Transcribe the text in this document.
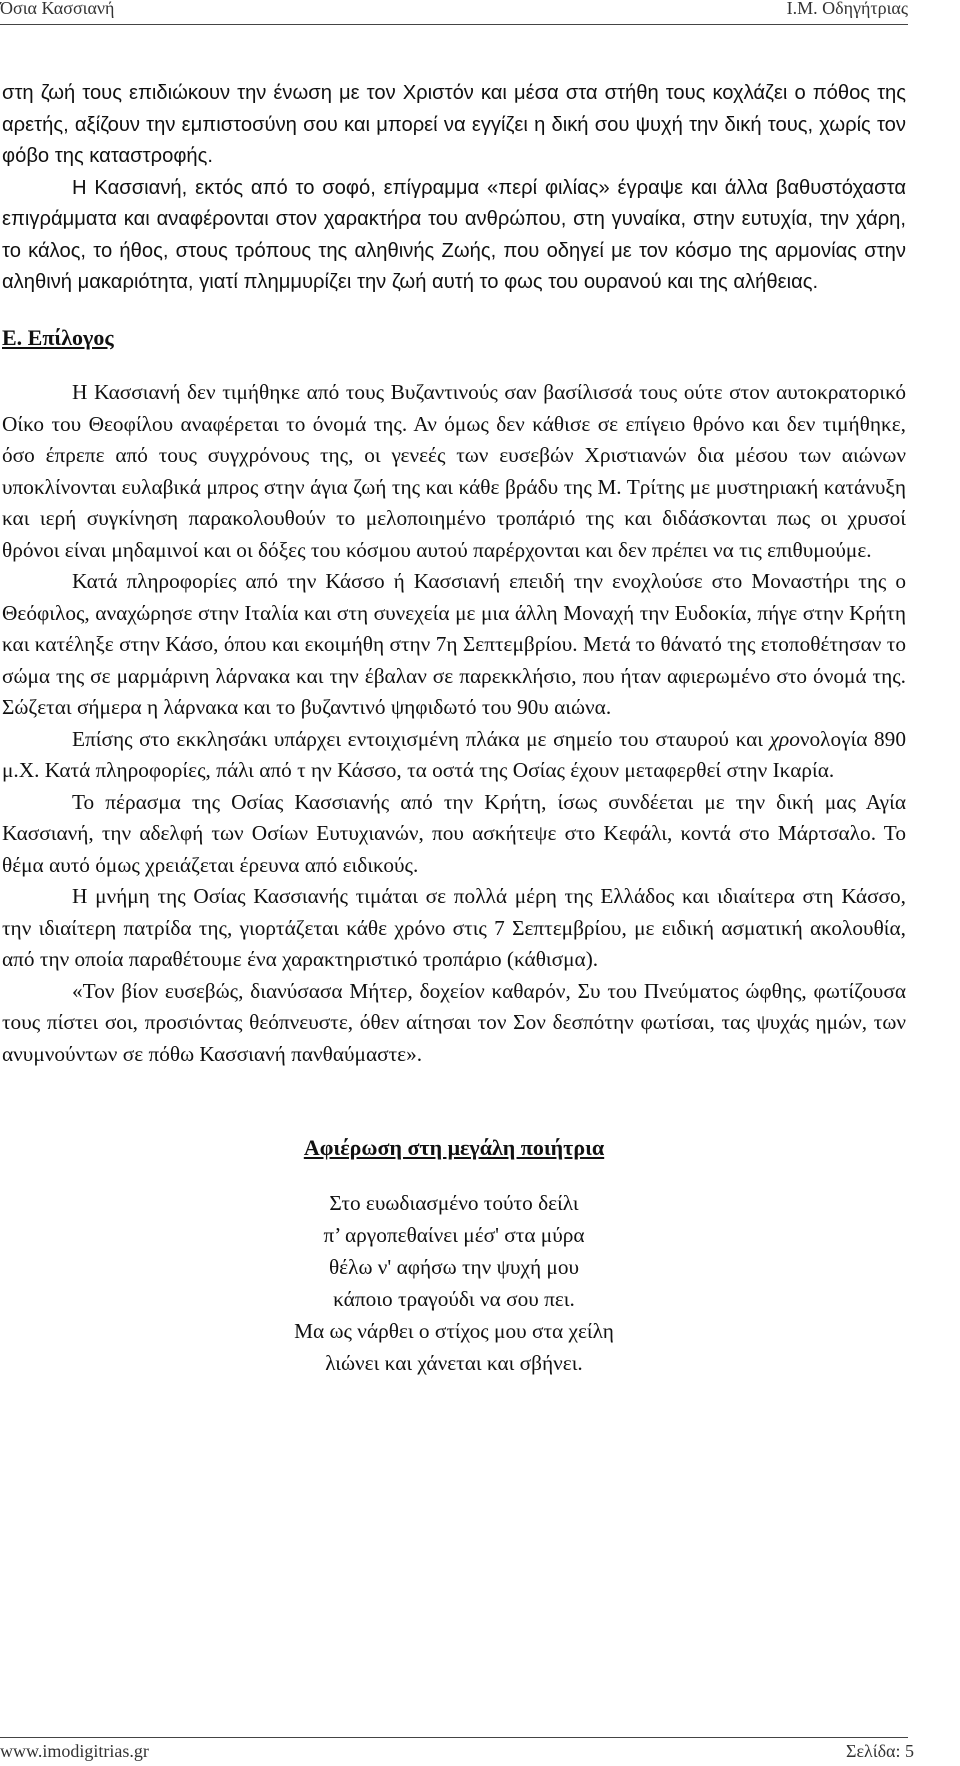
Όσια Κασσιανή	Ι.Μ. Οδηγήτριας

στη ζωή τους επιδιώκουν την ένωση με τον Χριστόν και μέσα στα στήθη τους κοχλάζει ο πόθος της αρετής, αξίζουν την εμπιστοσύνη σου και μπορεί να εγγίζει η δική σου ψυχή την δική τους, χωρίς τον φόβο της καταστροφής.

Η Κασσιανή, εκτός από το σοφό, επίγραμμα «περί φιλίας» έγραψε και άλλα βαθυστόχαστα επιγράμματα και αναφέρονται στον χαρακτήρα του ανθρώπου, στη γυναίκα, στην ευτυχία, την χάρη, το κάλος, το ήθος, στους τρόπους της αληθινής Ζωής, που οδηγεί με τον κόσμο της αρμονίας στην αληθινή μακαριότητα, γιατί πλημμυρίζει την ζωή αυτή το φως του ουρανού και της αλήθειας.

Ε. Επίλογος

Η Κασσιανή δεν τιμήθηκε από τους Βυζαντινούς σαν βασίλισσά τους ούτε στον αυτοκρατορικό Οίκο του Θεοφίλου αναφέρεται το όνομά της. Αν όμως δεν κάθισε σε επίγειο θρόνο και δεν τιμήθηκε, όσο έπρεπε από τους συγχρόνους της, οι γενεές των ευσεβών Χριστιανών δια μέσου των αιώνων υποκλίνονται ευλαβικά μπρος στην άγια ζωή της και κάθε βράδυ της Μ. Τρίτης με μυστηριακή κατάνυξη και ιερή συγκίνηση παρακολουθούν το μελοποιημένο τροπάριό της και διδάσκονται πως οι χρυσοί θρόνοι είναι μηδαμινοί και οι δόξες του κόσμου αυτού παρέρχονται και δεν πρέπει να τις επιθυμούμε.

Κατά πληροφορίες από την Κάσσο ή Κασσιανή επειδή την ενοχλούσε στο Μοναστήρι της ο Θεόφιλος, αναχώρησε στην Ιταλία και στη συνεχεία με μια άλλη Μοναχή την Ευδοκία, πήγε στην Κρήτη και κατέληξε στην Κάσο, όπου και εκοιμήθη στην 7η Σεπτεμβρίου. Μετά το θάνατό της ετοποθέτησαν το σώμα της σε μαρμάρινη λάρνακα και την έβαλαν σε παρεκκλήσιο, που ήταν αφιερωμένο στο όνομά της. Σώζεται σήμερα η λάρνακα και το βυζαντινό ψηφιδωτό του 90υ αιώνα.

Επίσης στο εκκλησάκι υπάρχει εντοιχισμένη πλάκα με σημείο του σταυρού και χρονολογία 890 μ.Χ. Κατά πληροφορίες, πάλι από τ ην Κάσσο, τα οστά της Οσίας έχουν μεταφερθεί στην Ικαρία.

Το πέρασμα της Οσίας Κασσιανής από την Κρήτη, ίσως συνδέεται με την δική μας Αγία Κασσιανή, την αδελφή των Οσίων Ευτυχιανών, που ασκήτεψε στο Κεφάλι, κοντά στο Μάρτσαλο. Το θέμα αυτό όμως χρειάζεται έρευνα από ειδικούς.

Η μνήμη της Οσίας Κασσιανής τιμάται σε πολλά μέρη της Ελλάδος και ιδιαίτερα στη Κάσσο, την ιδιαίτερη πατρίδα της, γιορτάζεται κάθε χρόνο στις 7 Σεπτεμβρίου, με ειδική ασματική ακολουθία, από την οποία παραθέτουμε ένα χαρακτηριστικό τροπάριο (κάθισμα).

«Τον βίον ευσεβώς, διανύσασα Μήτερ, δοχείον καθαρόν, Συ του Πνεύματος ώφθης, φωτίζουσα τους πίστει σοι, προσιόντας θεόπνευστε, όθεν αίτησαι τον Σον δεσπότην φωτίσαι, τας ψυχάς ημών, των ανυμνούντων σε πόθω Κασσιανή πανθαύμαστε».

Αφιέρωση στη μεγάλη ποιήτρια
Στο ευωδιασμένο τούτο δείλι
π’ αργοπεθαίνει μέσ' στα μύρα
θέλω ν' αφήσω την ψυχή μου
κάποιο τραγούδι να σου πει.
Μα ως νάρθει ο στίχος μου στα χείλη
λιώνει και χάνεται και σβήνει.
www.imodigitrias.gr	Σελίδα: 5
